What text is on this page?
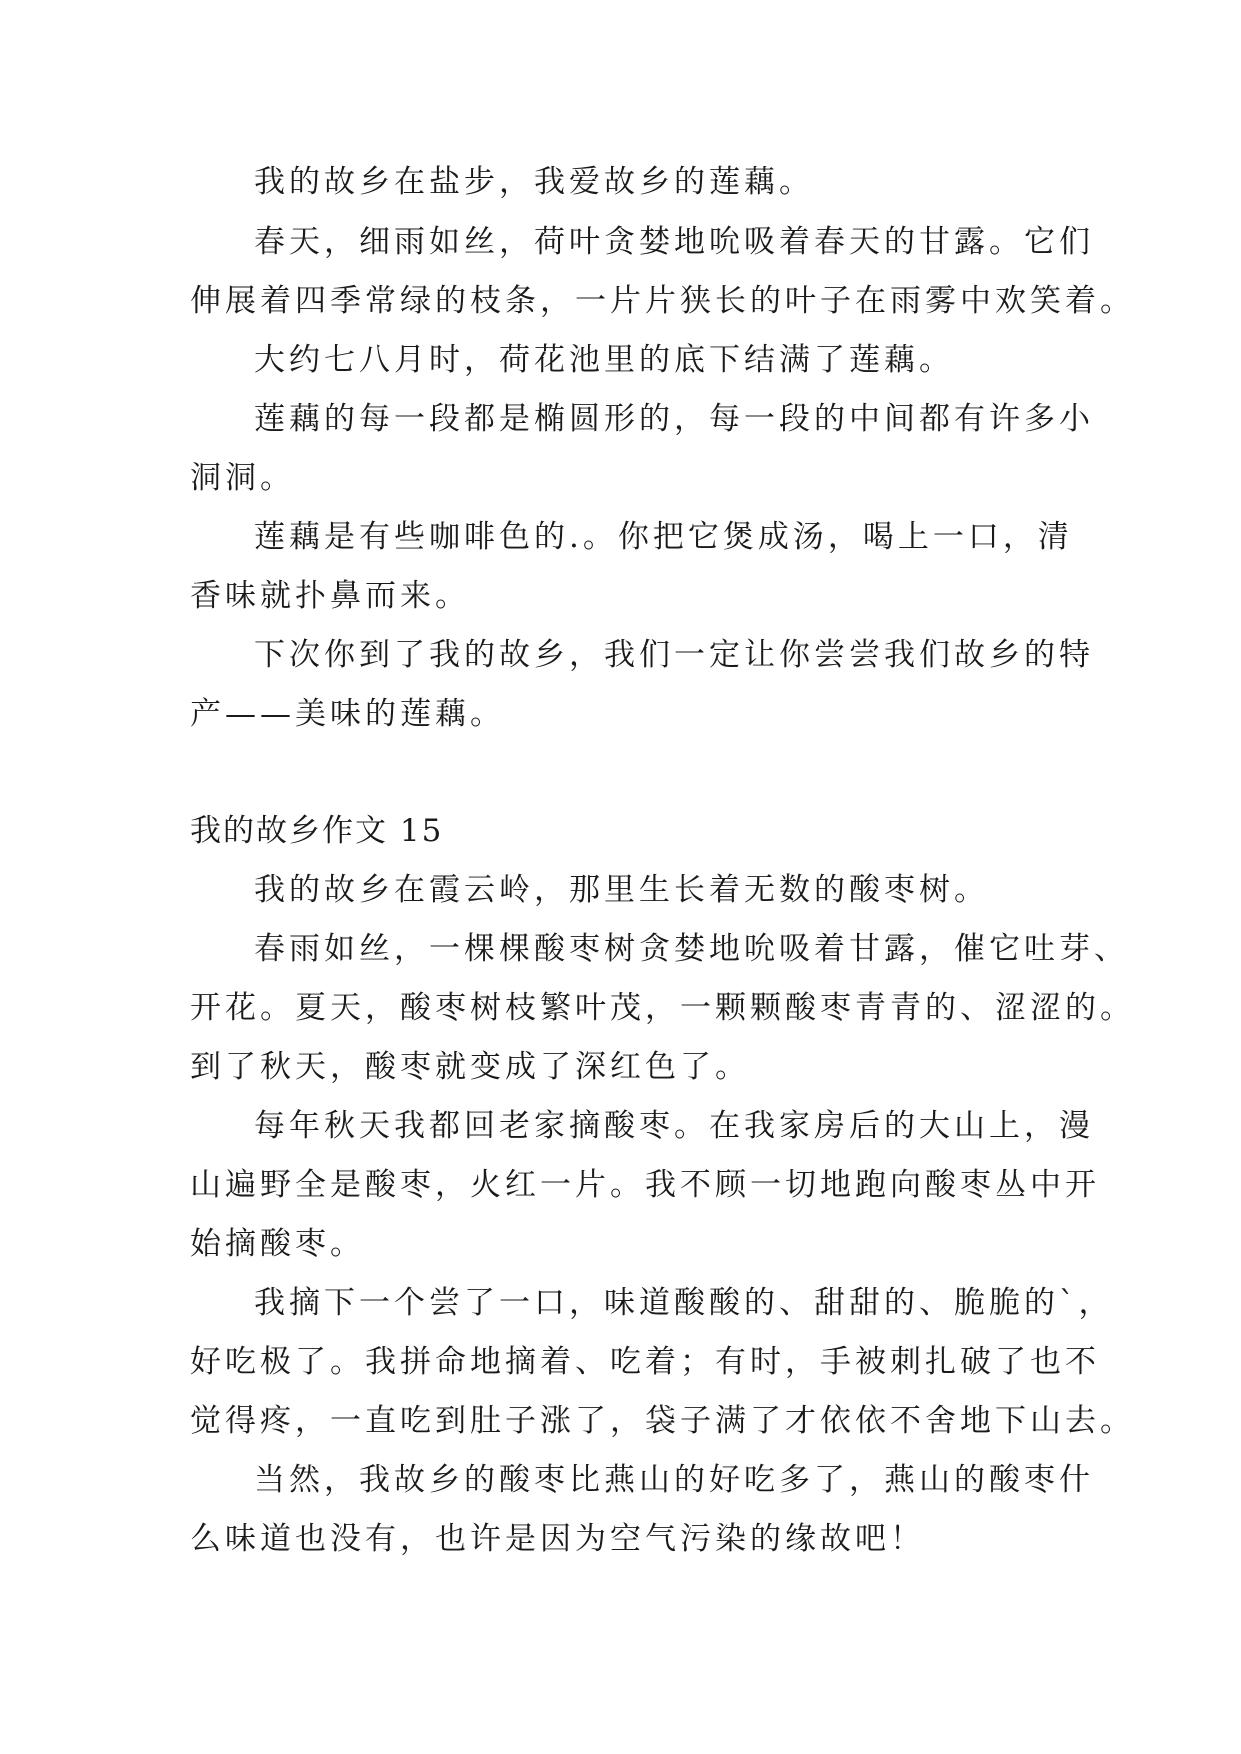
我的故乡在盐步，我爱故乡的莲藕。
春天，细雨如丝，荷叶贪婪地吮吸着春天的甘露。它们
伸展着四季常绿的枝条，一片片狭长的叶子在雨雾中欢笑着。
大约七八月时，荷花池里的底下结满了莲藕。
莲藕的每一段都是椭圆形的，每一段的中间都有许多小
洞洞。
莲藕是有些咖啡色的.。你把它煲成汤，喝上一口，清
香味就扑鼻而来。
下次你到了我的故乡，我们一定让你尝尝我们故乡的特
产——美味的莲藕。
我的故乡作文 15
我的故乡在霞云岭，那里生长着无数的酸枣树。
春雨如丝，一棵棵酸枣树贪婪地吮吸着甘露，催它吐芽、
开花。夏天，酸枣树枝繁叶茂，一颗颗酸枣青青的、涩涩的。
到了秋天，酸枣就变成了深红色了。
每年秋天我都回老家摘酸枣。在我家房后的大山上，漫
山遍野全是酸枣，火红一片。我不顾一切地跑向酸枣丛中开
始摘酸枣。
我摘下一个尝了一口，味道酸酸的、甜甜的、脆脆的`，
好吃极了。我拼命地摘着、吃着；有时，手被刺扎破了也不
觉得疼，一直吃到肚子涨了，袋子满了才依依不舍地下山去。
当然，我故乡的酸枣比燕山的好吃多了，燕山的酸枣什
么味道也没有，也许是因为空气污染的缘故吧！
